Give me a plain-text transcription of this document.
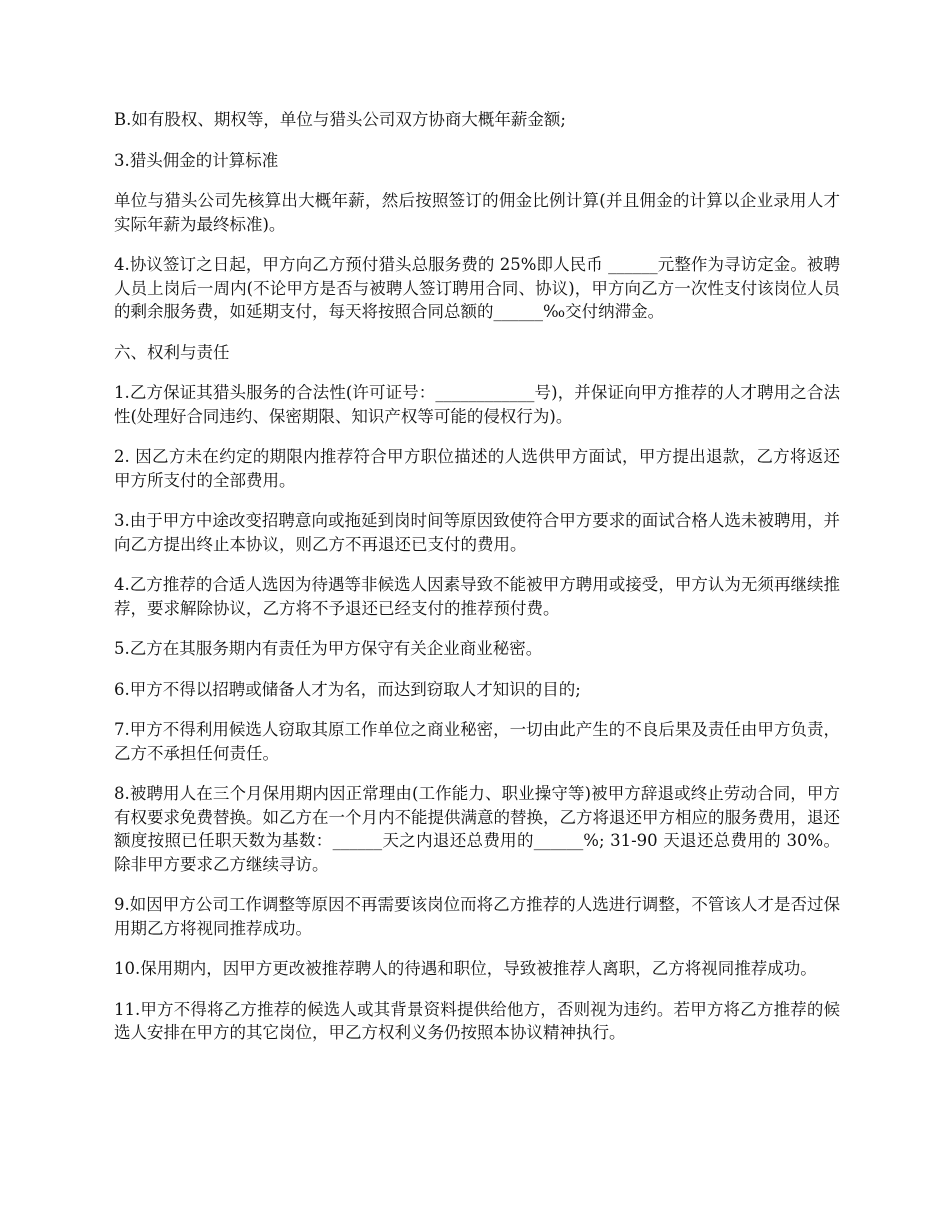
B.如有股权、期权等，单位与猎头公司双方协商大概年薪金额;

3.猎头佣金的计算标准

单位与猎头公司先核算出大概年薪，然后按照签订的佣金比例计算(并且佣金的计算以企业录用人才实际年薪为最终标准)。

4.协议签订之日起，甲方向乙方预付猎头总服务费的 25%即人民币 ______元整作为寻访定金。被聘人员上岗后一周内(不论甲方是否与被聘人签订聘用合同、协议)，甲方向乙方一次性支付该岗位人员的剩余服务费，如延期支付，每天将按照合同总额的______‰交付纳滞金。

六、权利与责任

1.乙方保证其猎头服务的合法性(许可证号：____________号)，并保证向甲方推荐的人才聘用之合法性(处理好合同违约、保密期限、知识产权等可能的侵权行为)。

2. 因乙方未在约定的期限内推荐符合甲方职位描述的人选供甲方面试，甲方提出退款，乙方将返还甲方所支付的全部费用。

3.由于甲方中途改变招聘意向或拖延到岗时间等原因致使符合甲方要求的面试合格人选未被聘用，并向乙方提出终止本协议，则乙方不再退还已支付的费用。

4.乙方推荐的合适人选因为待遇等非候选人因素导致不能被甲方聘用或接受，甲方认为无须再继续推荐，要求解除协议，乙方将不予退还已经支付的推荐预付费。

5.乙方在其服务期内有责任为甲方保守有关企业商业秘密。

6.甲方不得以招聘或储备人才为名，而达到窃取人才知识的目的;

7.甲方不得利用候选人窃取其原工作单位之商业秘密，一切由此产生的不良后果及责任由甲方负责，乙方不承担任何责任。

8.被聘用人在三个月保用期内因正常理由(工作能力、职业操守等)被甲方辞退或终止劳动合同，甲方有权要求免费替换。如乙方在一个月内不能提供满意的替换，乙方将退还甲方相应的服务费用，退还额度按照已任职天数为基数：______天之内退还总费用的______%; 31-90 天退还总费用的 30%。 除非甲方要求乙方继续寻访。

9.如因甲方公司工作调整等原因不再需要该岗位而将乙方推荐的人选进行调整，不管该人才是否过保用期乙方将视同推荐成功。

10.保用期内，因甲方更改被推荐聘人的待遇和职位，导致被推荐人离职，乙方将视同推荐成功。

11.甲方不得将乙方推荐的候选人或其背景资料提供给他方，否则视为违约。若甲方将乙方推荐的候选人安排在甲方的其它岗位，甲乙方权利义务仍按照本协议精神执行。
